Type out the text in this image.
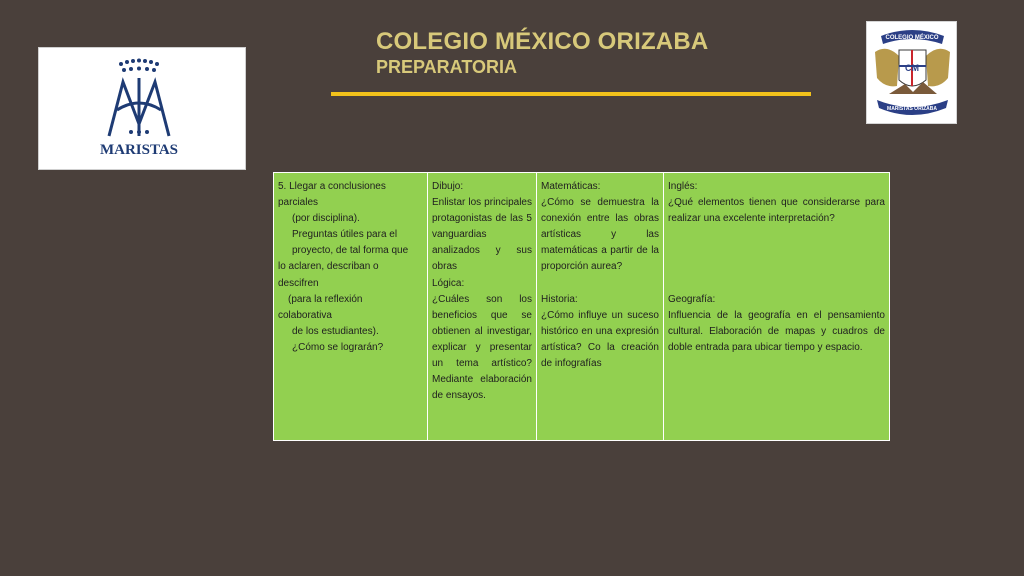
MARISTAS
COLEGIO MÉXICO ORIZABA
PREPARATORIA
COLEGIO MÉXICO
CM
MARISTAS ORIZABA
5. Llegar a conclusiones
parciales
(por disciplina).
Preguntas útiles para el
proyecto, de tal forma que
lo aclaren, describan o
descifren
(para la reflexión
colaborativa
de los estudiantes).
¿Cómo se lograrán?

Dibujo:
Enlistar los principales protagonistas de las 5 vanguardias analizados y sus obras
Lógica:
¿Cuáles son los beneficios que se obtienen al investigar, explicar y presentar un tema artístico? Mediante elaboración de ensayos.

Matemáticas:
¿Cómo se demuestra la conexión entre las obras artísticas y las matemáticas a partir de la proporción aurea?
Historia:
¿Cómo influye un suceso histórico en una expresión artística? Co la creación de infografías

Inglés:
¿Qué elementos tienen que considerarse para realizar una excelente interpretación?
Geografía:
Influencia de la geografía en el pensamiento cultural. Elaboración de mapas y cuadros de doble entrada para ubicar tiempo y espacio.
